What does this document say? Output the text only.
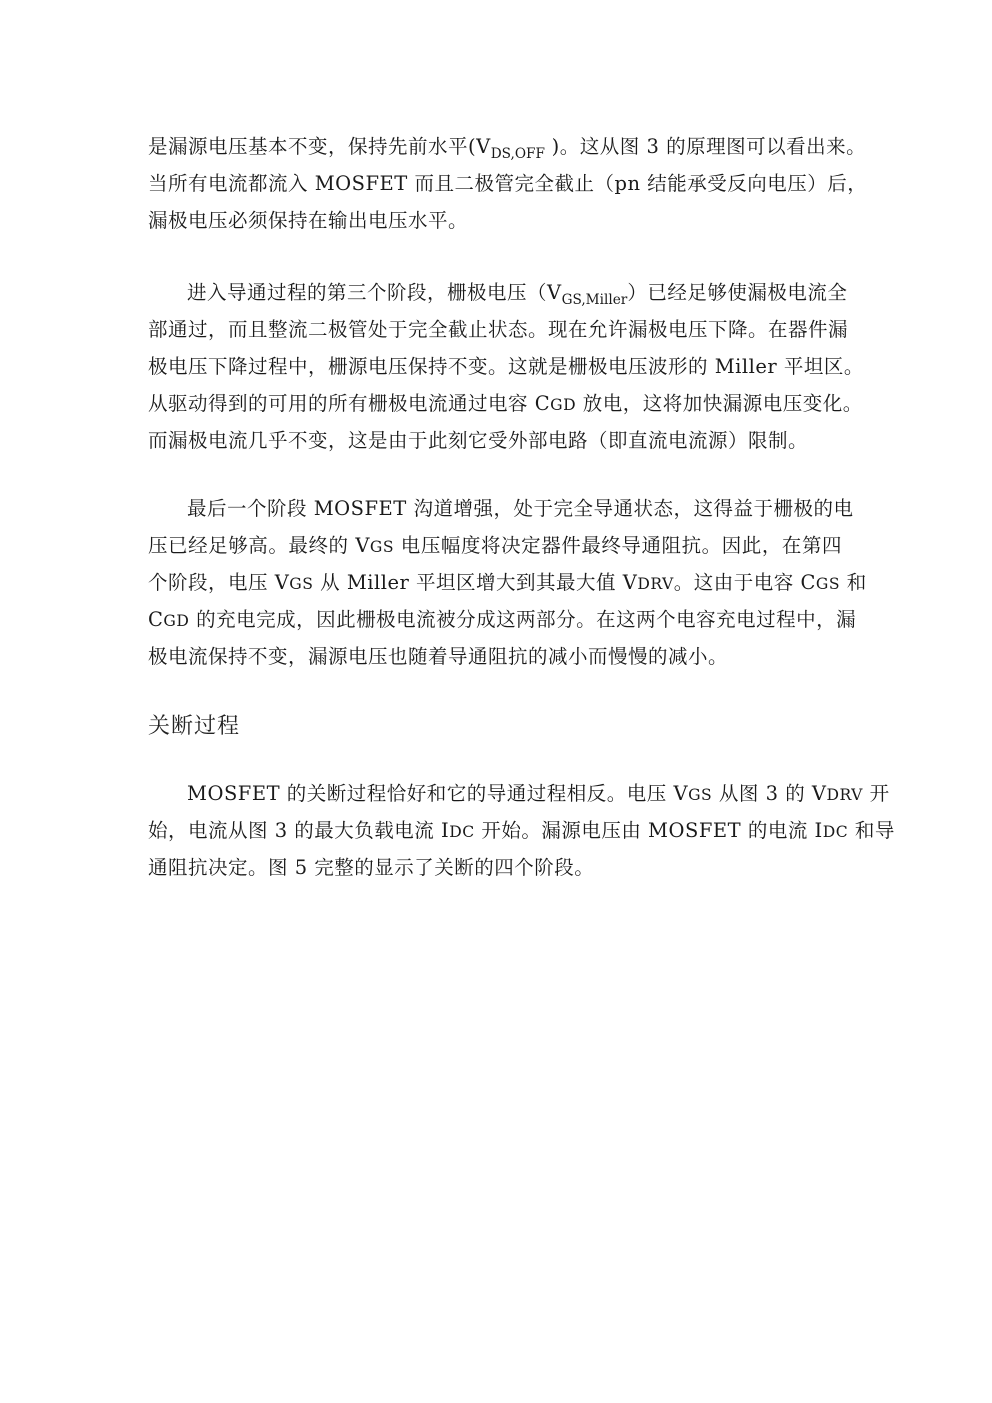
是漏源电压基本不变，保持先前水平($V_{DS,OFF}$ )。这从图 3 的原理图可以看出来。
当所有电流都流入 MOSFET 而且二极管完全截止（pn 结能承受反向电压）后，
漏极电压必须保持在输出电压水平。
进入导通过程的第三个阶段，栅极电压$(V_{GS,Miller})$已经足够使漏极电流全
部通过，而且整流二极管处于完全截止状态。现在允许漏极电压下降。在器件漏
极电压下降过程中，栅源电压保持不变。这就是栅极电压波形的 Miller 平坦区。
从驱动得到的可用的所有栅极电流通过电容 CGD 放电，这将加快漏源电压变化。
而漏极电流几乎不变，这是由于此刻它受外部电路（即直流电流源）限制。
最后一个阶段 MOSFET 沟道增强，处于完全导通状态，这得益于栅极的电
压已经足够高。最终的 VGS 电压幅度将决定器件最终导通阻抗。因此，在第四
个阶段，电压 VGS 从 Miller 平坦区增大到其最大值 VDRV。这由于电容 CGS 和
CGD 的充电完成，因此栅极电流被分成这两部分。在这两个电容充电过程中，漏
极电流保持不变，漏源电压也随着导通阻抗的减小而慢慢的减小。
关断过程
MOSFET 的关断过程恰好和它的导通过程相反。电压 VGS 从图 3 的 VDRV 开
始，电流从图 3 的最大负载电流 IDC 开始。漏源电压由 MOSFET 的电流 IDC 和导
通阻抗决定。图 5 完整的显示了关断的四个阶段。
